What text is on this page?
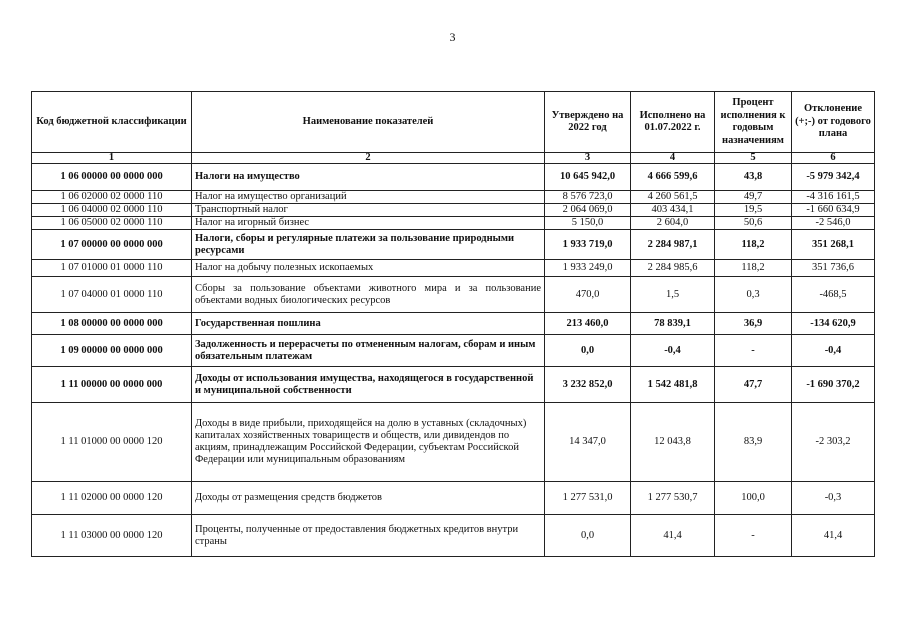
3
Код бюджетной классификации	Наименование показателей	Утверждено на 2022 год	Исполнено на 01.07.2022 г.	Процент исполнения к годовым назначениям	Отклонение (+;-) от годового плана
1	2	3	4	5	6
1 06 00000 00 0000 000	Налоги на имущество	10 645 942,0	4 666 599,6	43,8	-5 979 342,4
1 06 02000 02 0000 110	Налог на имущество организаций	8 576 723,0	4 260 561,5	49,7	-4 316 161,5
1 06 04000 02 0000 110	Транспортный налог	2 064 069,0	403 434,1	19,5	-1 660 634,9
1 06 05000 02 0000 110	Налог на игорный бизнес	5 150,0	2 604,0	50,6	-2 546,0
1 07 00000 00 0000 000	Налоги, сборы и регулярные платежи за пользование природными ресурсами	1 933 719,0	2 284 987,1	118,2	351 268,1
1 07 01000 01 0000 110	Налог на добычу полезных ископаемых	1 933 249,0	2 284 985,6	118,2	351 736,6
1 07 04000 01 0000 110	Сборы за пользование объектами животного мира и за пользование объектами водных биологических ресурсов	470,0	1,5	0,3	-468,5
1 08 00000 00 0000 000	Государственная пошлина	213 460,0	78 839,1	36,9	-134 620,9
1 09 00000 00 0000 000	Задолженность и перерасчеты по отмененным налогам, сборам и иным обязательным платежам	0,0	-0,4	-	-0,4
1 11 00000 00 0000 000	Доходы от использования имущества, находящегося в государственной и муниципальной собственности	3 232 852,0	1 542 481,8	47,7	-1 690 370,2
1 11 01000 00 0000 120	Доходы в виде прибыли, приходящейся на долю в уставных (складочных) капиталах хозяйственных товариществ и обществ, или дивидендов по акциям, принадлежащим Российской Федерации, субъектам Российской Федерации или муниципальным образованиям	14 347,0	12 043,8	83,9	-2 303,2
1 11 02000 00 0000 120	Доходы от размещения средств бюджетов	1 277 531,0	1 277 530,7	100,0	-0,3
1 11 03000 00 0000 120	Проценты, полученные от предоставления бюджетных кредитов внутри страны	0,0	41,4	-	41,4
